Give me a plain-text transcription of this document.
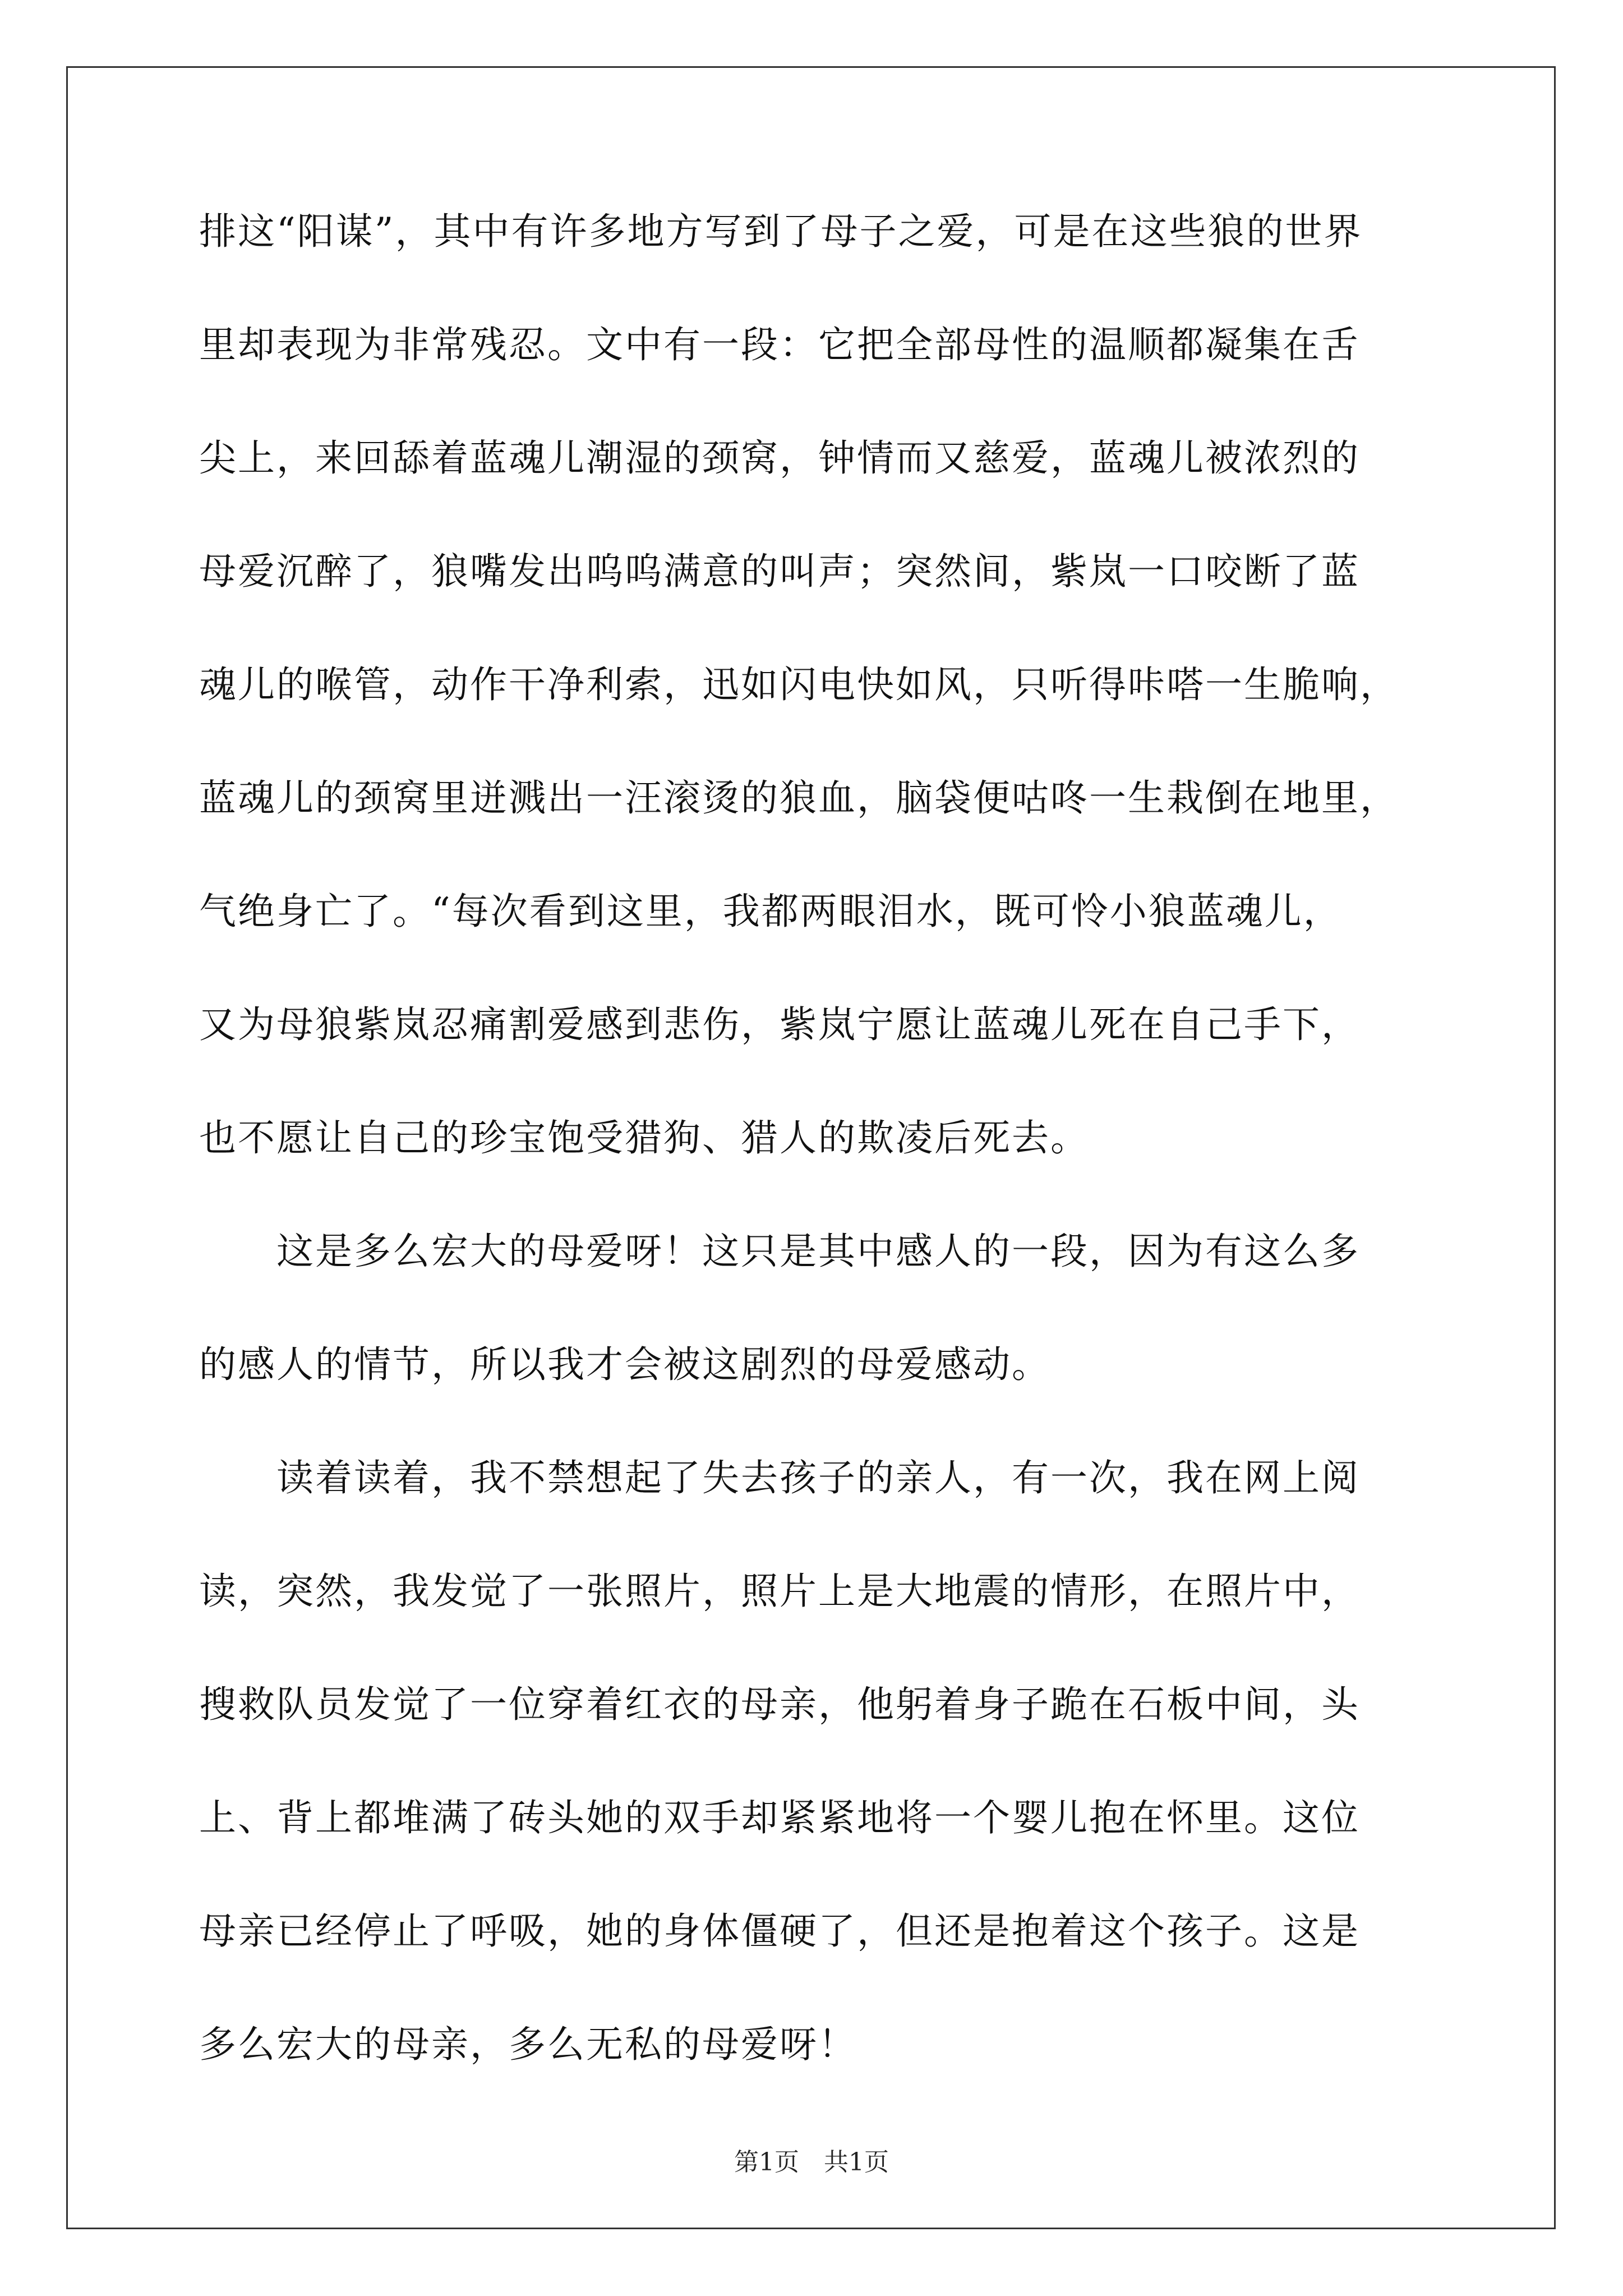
排这“阳谋”，其中有许多地方写到了母子之爱，可是在这些狼的世界
里却表现为非常残忍。文中有一段：它把全部母性的温顺都凝集在舌
尖上，来回舔着蓝魂儿潮湿的颈窝，钟情而又慈爱，蓝魂儿被浓烈的
母爱沉醉了，狼嘴发出呜呜满意的叫声；突然间，紫岚一口咬断了蓝
魂儿的喉管，动作干净利索，迅如闪电快如风，只听得咔嗒一生脆响，
蓝魂儿的颈窝里迸溅出一汪滚烫的狼血，脑袋便咕咚一生栽倒在地里，
气绝身亡了。“每次看到这里，我都两眼泪水，既可怜小狼蓝魂儿，
又为母狼紫岚忍痛割爱感到悲伤，紫岚宁愿让蓝魂儿死在自己手下，
也不愿让自己的珍宝饱受猎狗、猎人的欺凌后死去。
　　这是多么宏大的母爱呀！这只是其中感人的一段，因为有这么多
的感人的情节，所以我才会被这剧烈的母爱感动。
　　读着读着，我不禁想起了失去孩子的亲人，有一次，我在网上阅
读，突然，我发觉了一张照片，照片上是大地震的情形，在照片中，
搜救队员发觉了一位穿着红衣的母亲，他躬着身子跪在石板中间，头
上、背上都堆满了砖头她的双手却紧紧地将一个婴儿抱在怀里。这位
母亲已经停止了呼吸，她的身体僵硬了，但还是抱着这个孩子。这是
多么宏大的母亲，多么无私的母爱呀！
第1页　共1页
